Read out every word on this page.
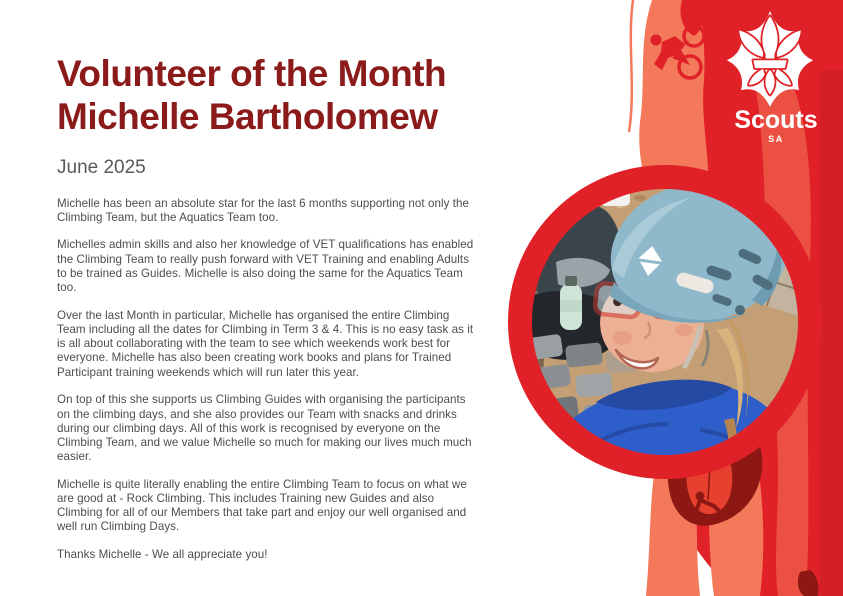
Scouts
SA
Volunteer of the Month
Michelle Bartholomew
June 2025

Michelle has been an absolute star for the last 6 months supporting not only the Climbing Team, but the Aquatics Team too.

Michelles admin skills and also her knowledge of VET qualifications has enabled the Climbing Team to really push forward with VET Training and enabling Adults to be trained as Guides. Michelle is also doing the same for the Aquatics Team too.

Over the last Month in particular, Michelle has organised the entire Climbing Team including all the dates for Climbing in Term 3 & 4. This is no easy task as it is all about collaborating with the team to see which weekends work best for everyone. Michelle has also been creating work books and plans for Trained Participant training weekends which will run later this year.

On top of this she supports us Climbing Guides with organising the participants on the climbing days, and she also provides our Team with snacks and drinks during our climbing days. All of this work is recognised by everyone on the Climbing Team, and we value Michelle so much for making our lives much much easier.

Michelle is quite literally enabling the entire Climbing Team to focus on what we are good at - Rock Climbing. This includes Training new Guides and also Climbing for all of our Members that take part and enjoy our well organised and well run Climbing Days.

Thanks Michelle - We all appreciate you!
